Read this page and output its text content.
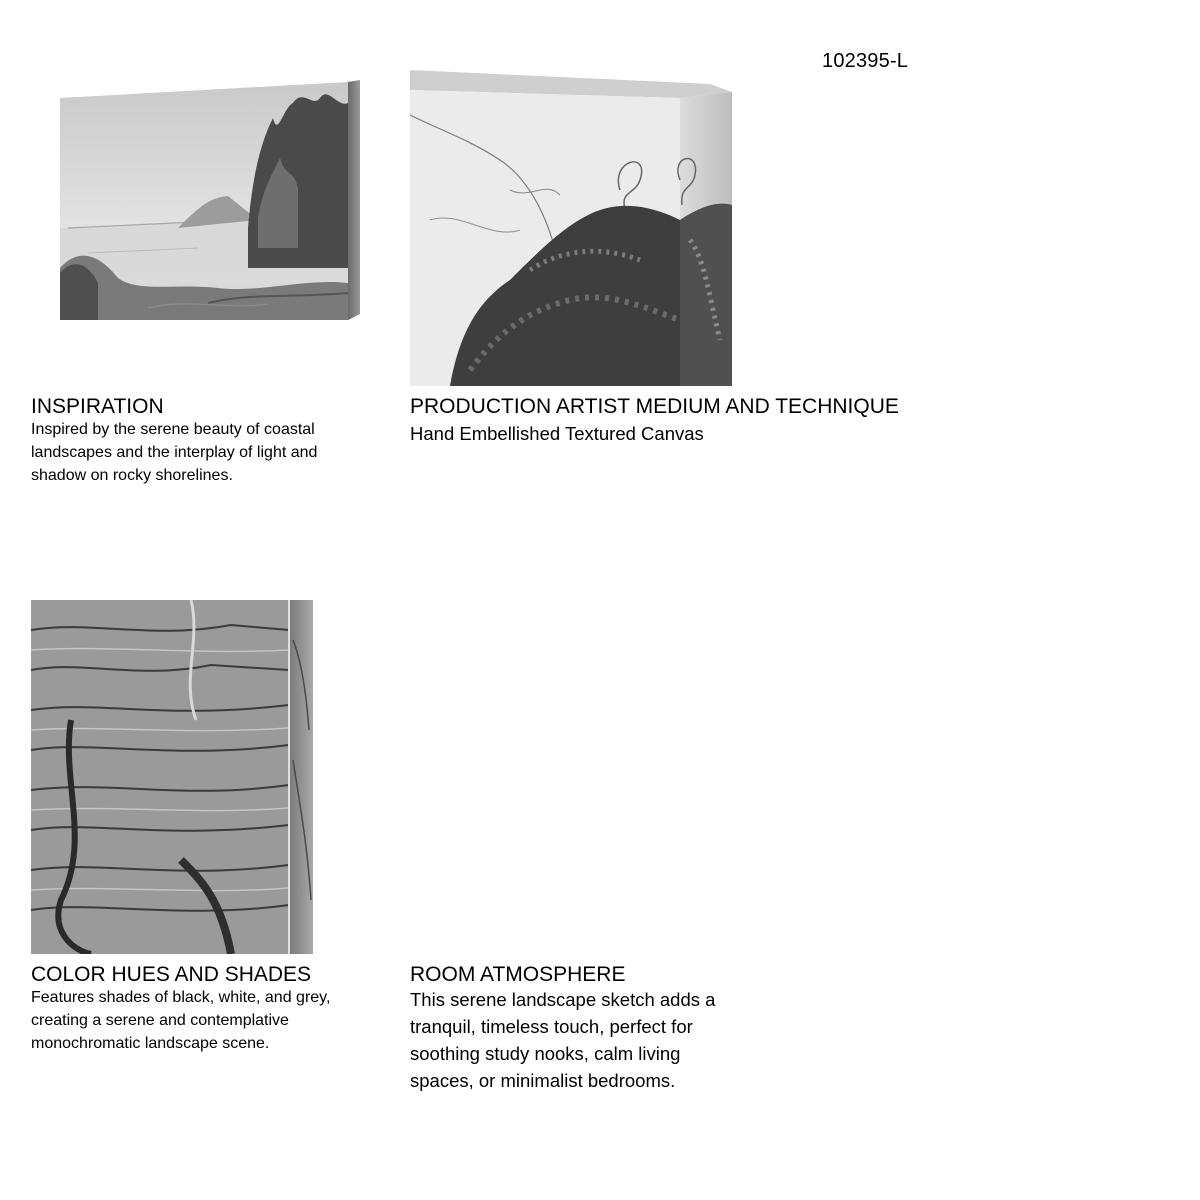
102395-L
INSPIRATION
Inspired by the serene beauty of coastal landscapes and the interplay of light and shadow on rocky shorelines.
PRODUCTION ARTIST MEDIUM AND TECHNIQUE
Hand Embellished Textured Canvas
COLOR HUES AND SHADES
Features shades of black, white, and grey, creating a serene and contemplative monochromatic landscape scene.
ROOM ATMOSPHERE
This serene landscape sketch adds a tranquil, timeless touch, perfect for soothing study nooks, calm living spaces, or minimalist bedrooms.
